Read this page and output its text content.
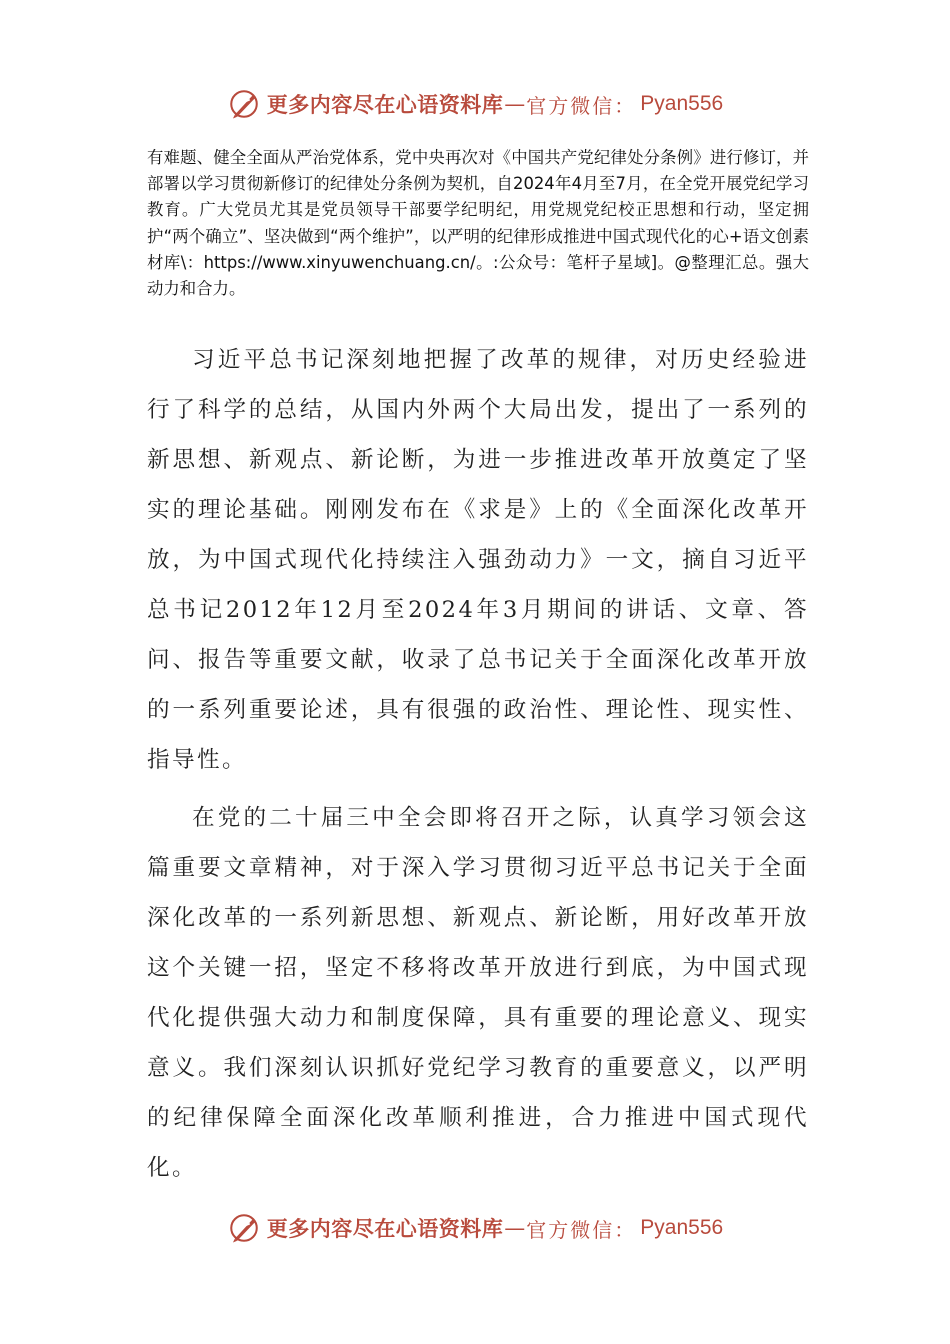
更多内容尽在心语资料库 — 官方微信： Pyan556

有难题、健全全面从严治党体系，党中央再次对《中国共产党纪律处分条例》进行修订，并部署以学习贯彻新修订的纪律处分条例为契机，自2024年4月至7月，在全党开展党纪学习教育。广大党员尤其是党员领导干部要学纪明纪，用党规党纪校正思想和行动，坚定拥护“两个确立”、坚决做到“两个维护”，以严明的纪律形成推进中国式现代化的心+语文创素材库\：https://www.xinyuwenchuang.cn/。:公众号：笔杆子星域]。@整理汇总。强大动力和合力。

习近平总书记深刻地把握了改革的规律，对历史经验进行了科学的总结，从国内外两个大局出发，提出了一系列的新思想、新观点、新论断，为进一步推进改革开放奠定了坚实的理论基础。刚刚发布在《求是》上的《全面深化改革开放，为中国式现代化持续注入强劲动力》一文，摘自习近平总书记2012年12月至2024年3月期间的讲话、文章、答问、报告等重要文献，收录了总书记关于全面深化改革开放的一系列重要论述，具有很强的政治性、理论性、现实性、指导性。

在党的二十届三中全会即将召开之际，认真学习领会这篇重要文章精神，对于深入学习贯彻习近平总书记关于全面深化改革的一系列新思想、新观点、新论断，用好改革开放这个关键一招，坚定不移将改革开放进行到底，为中国式现代化提供强大动力和制度保障，具有重要的理论意义、现实意义。我们深刻认识抓好党纪学习教育的重要意义，以严明的纪律保障全面深化改革顺利推进，合力推进中国式现代化。

更多内容尽在心语资料库 — 官方微信： Pyan556
